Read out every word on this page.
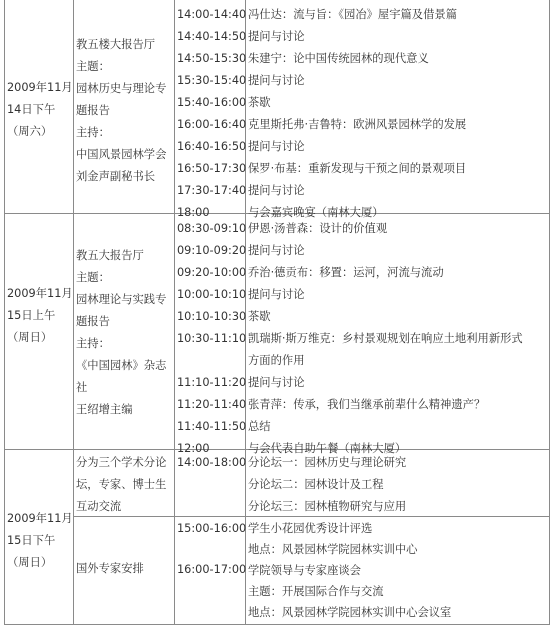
2009年11月
14日下午
（周六）
教五楼大报告厅
主题：
园林历史与理论专
题报告
主持：
中国风景园林学会
刘金声副秘书长
14:00-14:40 冯仕达：流与旨：《园冶》屋宇篇及借景篇
14:40-14:50 提问与讨论
14:50-15:30 朱建宁：论中国传统园林的现代意义
15:30-15:40 提问与讨论
15:40-16:00 茶歇
16:00-16:40 克里斯托弗·吉鲁特：欧洲风景园林学的发展
16:40-16:50 提问与讨论
16:50-17:30 保罗·布基：重新发现与干预之间的景观项目
17:30-17:40 提问与讨论
18:00	与会嘉宾晚宴（南林大厦）
2009年11月
15日上午
（周日）
教五大报告厅
主题：
园林理论与实践专
题报告
主持：
《中国园林》杂志
社
王绍增主编
08:30-09:10 伊恩·汤普森：设计的价值观
09:10-09:20 提问与讨论
09:20-10:00 乔治·德贡布：移置：运河，河流与流动
10:00-10:10 提问与讨论
10:10-10:30 茶歇
10:30-11:10 凯瑞斯·斯万维克：乡村景观规划在响应土地利用新形式
方面的作用
11:10-11:20 提问与讨论
11:20-11:40 张青萍：传承，我们当继承前辈什么精神遗产？
11:40-11:50 总结
12:00	与会代表自助午餐（南林大厦）
2009年11月
15日下午
（周日）
分为三个学术分论
坛，专家、博士生
互动交流
14:00-18:00 分论坛一：园林历史与理论研究
分论坛二：园林设计及工程
分论坛三：园林植物研究与应用
国外专家安排
15:00-16:00 学生小花园优秀设计评选
地点：风景园林学院园林实训中心
16:00-17:00 学院领导与专家座谈会
主题：开展国际合作与交流
地点：风景园林学院园林实训中心会议室
